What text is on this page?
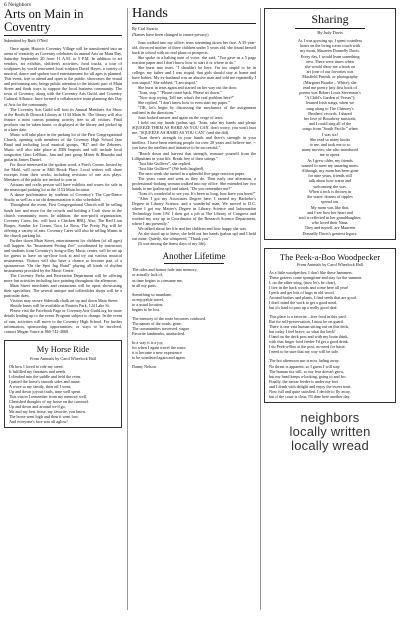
6 Neighbors
Arts on Main in Coventry
Submitted by Ruth O'Neil

Once again, Historic Coventry Village will be transformed into an arena of creativity as Coventry celebrates its annual Arts on Main Day, Saturday September 20 from 11 A.M. to 5 P.M. In addition to art vendors, art exhibits, children's activities, food trucks, a tour of sculptures by world renowned local sculptor David Hayes, a variety of musical, dance and spoken word entertainment for all ages is planned. This event, free to attend and open to the public, showcases the visual and performing arts; brings public attention to the historic part of Main Street and finds ways to support the local business community. The town of Coventry, along with the Coventry Arts Guild, and Coventry Cultural Alliance, have formed a collaborative team planning this Day of Arts for the community.

The Coventry Arts Guild will host its Annual Members Art Show at the Booth & Dimock Library at 1134 Main St. The library will also feature a mini canvas painting activity free to all visitors. Final products can be taken home, or displayed at the library and picked up at a later date.

Music will take place in the parking lot of the First Congregational Church, opening with members of the Coventry High School Jazz Band and including local musical groups, "B2" and the Zebones. Music will also take place at JDB Imports and will include local songwriter Gino LeBlanc, Jam and jazz group Mister & Rhumba and guitarist James Daniel.

For those interested in the spoken word, a Poet's Corner, hosted by Joe Mohl, will occur at Mill Brook Place. Local writers will share excerpts from their works, including revisions of one acts plays. Members of the public are invited to join in.

Artisans and crafts person will have exhibits and wares for sale in the municipal parking lot at the 1153 Main location.

A dance performance by students of Coventry's The Can-Dance Studio as well as a tai chi demonstration is also scheduled.

Throughout the event, First Congregational Church will be selling funds fare and more for the crowds and holding a Craft show in the church community room. In addition, the non-profit organization, Coventry Cares, Inc. will host a Chicken BBQ. Also, The Red Lion Burger, Sundae Ice Cream, Taco La Rosa, The Pretty Pig will be offering a variety of eats. Coventry Cares will also be selling Mums in the church parking lot.

Further down Main Street, entertainment for children (of all ages) will happen. An "Instrument Petting Zoo" coordinated by instructors and students from Coventry's Song-a-Day Music center, will be set up for guests to have an up-close look at and try out various musical instruments. Visitors will also have a chance to become part of a spontaneous "On the Spot Jug Band" playing all kinds of rhythm instruments provided by the Music Center.

The Coventry Parks and Recreation Department will be offering more fun activities including face painting throughout the afternoon.

Main Street merchants and restaurants will be open, showcasing their specialties. The several antique and collectibles shops will be a particular draw.

Visitors may secure Sidewalk chalk art up and down Main Street.

Shuttle buses will be available at Patriots Park, 124 Lake St.

Please visit the Facebook Page or CoventryArts-Guild.org for more details leading up to the event. Program subject to change. In the event of rain, activities will move to the Coventry High School. For further information, sponsorship opportunities, or ways to be involved, contact Megan Vance at 860-742-4068.

My Horse Ride
From Animals by Carol Wheelock Hall

Oh how I loved to ride my steed.

It fulfilled my fantasies and needs.

I climbed into the saddle and held the reins.

I patted the horse's smooth sides and mane.

A wave to my family, then off I went,

Up and down joyous trails, time well spent.

This vision I remember from my memory well,

Cherished thoughts of my horse on the carousel.

Up and down and around we'd go,

Me and my best horse, my favorite, you know.

The horse went high and then it went low,

And everyone's face was all aglow!

Hands
By Carl Swartz
(Names have been changed to insure privacy)

Joan walked into my office, tears streaming down her face. A 35-year-old, divorced mother of three children under 5 years old, she found herself back in school with no real plans or prospects.

She spoke in a halting tone of voice, she said, "You gave us a 5 page reaction paper and I don't know how to start it or where to do."

She burst into tears. "I shouldn't be here. I'm too stupid to be in college; my father and I was stupid, that girls should stay at home and have babies. My ex-husband was an abusive man and told me repeatedly I was stupid." She sobbed, "I am stupid."

She burst in tears again and started on her way out the door.

"Joan, stop." "Please come back. Please sit down."

"Now stop crying. Tell me, what's the real problem here?"

She replied, "I don't know how to even start my paper."

"OK, let's begin by discussing the mechanics of the assignment outlined in the directions."

Joan looked answer and again on the verge of tears.

I held out my hands (palms up). "Joan, take my hands and please SQUEEZE THEM AS HARD AS YOU CAN. don't worry, you won't hurt me. "SQUEEZE AS HARD AS YOU CAN" (and she did).

"Joan there's strength in your hands and there's strength in your intellect. I have been meeting people for over 20 years and believe me, -- you have the intellect and initiative to be successful."

"Reach down and harvest that strength, reassure yourself from the Lilliputians in your life. Break free of their strings."

"Just like Gulliver", she replied.

"Just like Gulliver!" (We both laughed).

The next week she turned in a splendid five-page reaction paper.

The years came and went as they do. Then early one afternoon, a professional-looking woman walked into my office. She extended her two hands to me (palms up) and asked, "Do you remember me?"

"Joan it's wonderful to see you. It's been so long, how have you been?"

"After I got my Associates Degree here, I earned my Bachelor's Degree in Library Science, and a wonderful man. We moved to D.C. where I got my Master's Degree in Library Science and Information Technology from GW. I then got a job at The Library of Congress and worked my way up to Coordinator of the Research Science Department, where I am presently."

We talked about her life and her children and how happy she was.

As she stood up to leave, she held out her hands (palms up) and I held out mine. Quietly, she whispered, "Thank you".

(It was among the finest days of my life).

Another Lifetime

The rides and humor fade into memory,

or actually lack of,

as time begins to consume me,

in all my parts.

Something so mundane,

as enjoyable travel,

to a usual location,

begins to be lost.

The memory of the route becomes confused.

The names of the roads, gone.

The communities traversed, vague.

Favorite landmarks, unattached.

In a way it is a joy,

for when I again travel the route,

it is become a new experience

to be wondered again and again.

Danny Nelson

Sharing
By Judy Davis

As I was growing up, I spent countless

hours on the living room couch with

my mom, Maureen Donnelly Davis.

Every day, I would learn something

new. There were times when

she would show me a book on

art (one of our favorites was

Maxfield Parrish, or photography

(Margaret Bourke – White); she

read me poetry (my first book of

poems was Robert Louis Stevenson's

"A Child's Garden of Verses");

learned Irish songs, when we

sang along to The Chancey's

Brothers' records, I shared

her love of Broadway musicals,

and I could sing all of the

songs from "South Pacific" when

I was six!

She read so many books

to me, and took me to so

many movies; she also introduced

me to opera.

As I grew older, my friends

wanted to meet my amazing mom.

Although, my mom has been gone

for nine years, friends still

talk about how warm and

welcoming she was.

When a rock is thrown in

the water, dozens of ripples

spread out.

My mom was like that,

and I see how her heart and

soul is reflected in her granddaughter,

who loved their Nana.

They and myself, are Maureen

Donnelly Davis's greatest legacy.

The Peek-a-Boo Woodpecker
From Animals by Carol Wheelock Hall

As a little woodpecker, I don't like these hammers.

These grazers come springtime and stay for the summer.

I, on the other wing, (now let's be clear),

I live in the back woods and come here all year!

I peck and get bits of bugs in old wood.

Around bushes and plants, I find seeds that are good.

I don't mind the work to get a good meal,

but it's hard to pass up a really good deal.

This place is a favorite....free food in this yard.

But for self-preservation, I must be on guard.

There is one vast human sitting out on this deck,

but today I feel brave, so what the heck!

I land on the deck post and with my brain think,

with that finger food feeder I'd get a good drink.

I do Peek-a-Boo at the post, no need for haste.

I need to be sure that my way will be safe.

The hot afternoon sun is now fading away.

No threat is apparent, so I guess I will stay.

The human sits still, so my fear doesn't grow,

but my head keeps a-looking, going to and fro.

Finally, the nectar feeder is under my feet

and I drink with delight and enjoy the sweet treat.

Now full and quite satisfied, I decide to fly away,

but if the coast is clear, I'll dine here another day.

neighbors
locally written
locally wread
